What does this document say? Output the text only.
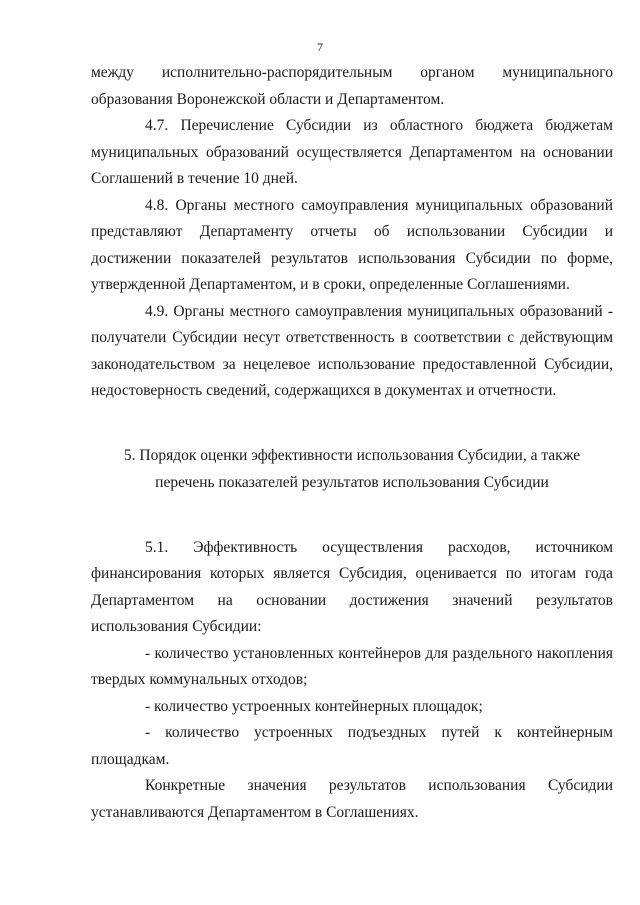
7

между исполнительно-распорядительным органом муниципального образования Воронежской области и Департаментом.

4.7. Перечисление Субсидии из областного бюджета бюджетам муниципальных образований осуществляется Департаментом на основании Соглашений в течение 10 дней.

4.8. Органы местного самоуправления муниципальных образований представляют Департаменту отчеты об использовании Субсидии и достижении показателей результатов использования Субсидии по форме, утвержденной Департаментом, и в сроки, определенные Соглашениями.

4.9. Органы местного самоуправления муниципальных образований - получатели Субсидии несут ответственность в соответствии с действующим законодательством за нецелевое использование предоставленной Субсидии, недостоверность сведений, содержащихся в документах и отчетности.

5. Порядок оценки эффективности использования Субсидии, а также

перечень показателей результатов использования Субсидии

5.1. Эффективность осуществления расходов, источником финансирования которых является Субсидия, оценивается по итогам года Департаментом на основании достижения значений результатов использования Субсидии:

- количество установленных контейнеров для раздельного накопления твердых коммунальных отходов;

- количество устроенных контейнерных площадок;

- количество устроенных подъездных путей к контейнерным площадкам.

Конкретные значения результатов использования Субсидии устанавливаются Департаментом в Соглашениях.
